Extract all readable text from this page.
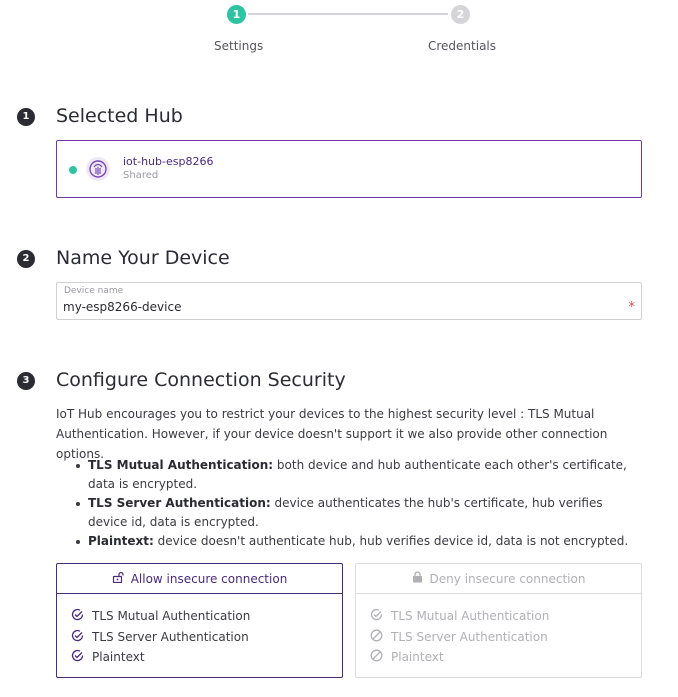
1	2
Settings	Credentials
1 Selected Hub
iot-hub-esp8266
Shared
2 Name Your Device
Device name
my-esp8266-device
*
3 Configure Connection Security

IoT Hub encourages you to restrict your devices to the highest security level : TLS Mutual Authentication. However, if your device doesn't support it we also provide other connection options.

TLS Mutual Authentication: both device and hub authenticate each other's certificate, data is encrypted.
TLS Server Authentication: device authenticates the hub's certificate, hub verifies device id, data is encrypted.
Plaintext: device doesn't authenticate hub, hub verifies device id, data is not encrypted.
Allow insecure connection
TLS Mutual Authentication
TLS Server Authentication
Plaintext
Deny insecure connection
TLS Mutual Authentication
TLS Server Authentication
Plaintext
